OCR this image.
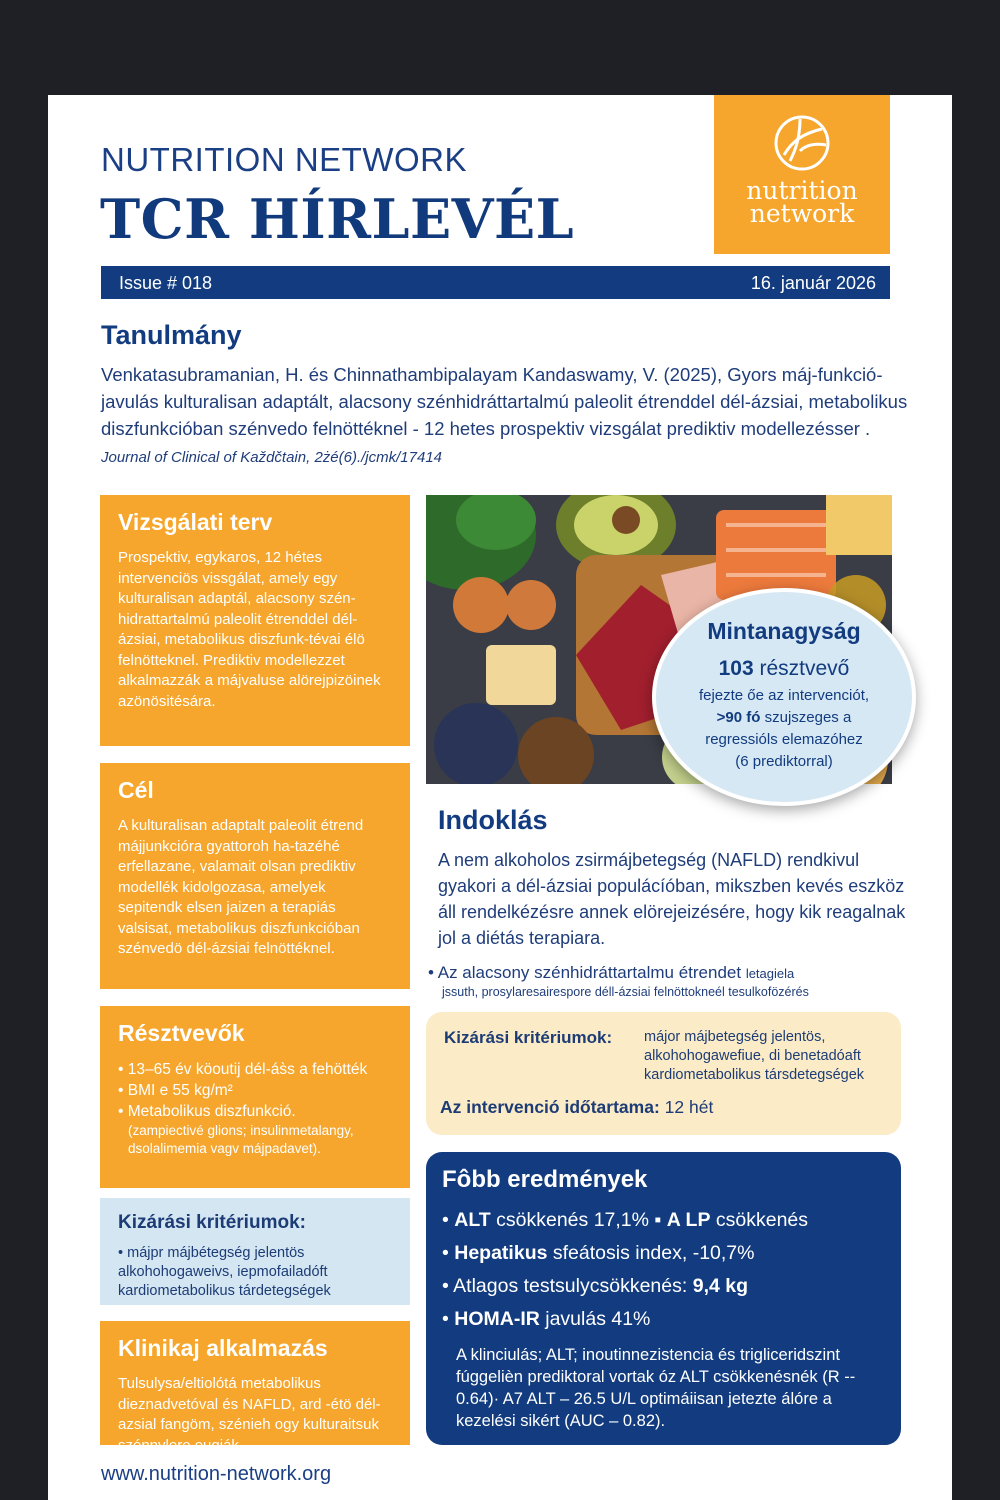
NUTRITION NETWORK
TCR HÍRLEVÉL	nutrition
network
Issue # 018	16. január 2026
Tanulmány
Venkatasubramanian, H. és Chinnathambipalayam Kandaswamy, V. (2025), Gyors máj-funkció-javulás kulturalisan adaptált, alacsony szénhidráttartalmú paleolit étrenddel dél-ázsiai, metabolikus diszfunkcióban szénvedo felnöttéknel - 12 hetes prospektiv vizsgálat prediktiv modellezésser . Journal of Clinical of Každčtain, 2żé(6)./jcmk/17414
Vizsgálati terv

Prospektiv, egykaros, 12 hétes intervenciös vissgálat, amely egy kulturalisan adaptál, alacsony szén-hidrattartalmú paleolit étrenddel dél-ázsiai, metabolikus diszfunk-tévai élö felnötteknel. Prediktiv modellezzet alkalmazzák a májvaluse alörejpizöinek azönösitésára.

Cél

A kulturalisan adaptalt paleolit étrend májjunkcióra gyattoroh ha-tazéhé erfellazane, valamait olsan prediktiv modellék kidolgozasa, amelyek sepitendk elsen jaizen a terapiás valsisat, metabolikus diszfunkcióban szénvedö dél-ázsiai felnöttéknel.

Résztvevők
• 13–65 év köoutij dél-ás̀s a fehötték
• BMI e 55 kg/m²
• Metabolikus diszfunkció.
(zampiectivé glions; insulinmetalangy, dsolalimemia vagv májpadavet).
Kizárási kritériumok:
• májpr májbétegség jelentös alkohohogaweivs, iepmofailadóft kardiometabolikus tárdetegségek
Klinikaj alkalmazás

Tulsulysa/eltiolótá metabolikus dieznadvetóval és NAFLD, ard -étö dél-azsial fangöm, szénieh ogy kulturaitsuk szénnylere eugiák.

Mintanagyság
103 résztvevő
fejezte őe az intervenciót,
>90 fó szujszeges a
regressióls elemazóhez
(6 prediktorral)
Indoklás
A nem alkoholos zsirmájbetegség (NAFLD) rendkivul gyakori a dél-ázsiai populácíóban, mikszben kevés eszköz áll rendelkézésre annek elörejeizésére, hogy kik reagalnak jol a diétás terapiara.
• Az alacsony szénhidráttartalmu étrendet letagiela
jssuth, prosylaresairespore déll-ázsiai felnöttokneél tesulkofözérés
Kizárási kritériumok: májor májbetegség jelentös, alkohohogawefiue, di benetadóaft kardiometabolikus társdetegségek
Az intervenció időtartama: 12 hét
Fôbb eredmények
• ALT csökkenés 17,1% ▪ A LP csökkenés
• Hepatikus sfeátosis index, -10,7%
• Atlagos testsulycsökkenés: 9,4 kg
• HOMA-IR javulás 41%

A klinciulás; ALT; inoutinnezistencia és trigliceridszint fúggelièn prediktoral vortak óz ALT csökkenésnék (R -- 0.64)· A7 ALT – 26.5 U/L optimáiisan jetezte álóre a kezelési sikért (AUC – 0.82).

www.nutrition-network.org
